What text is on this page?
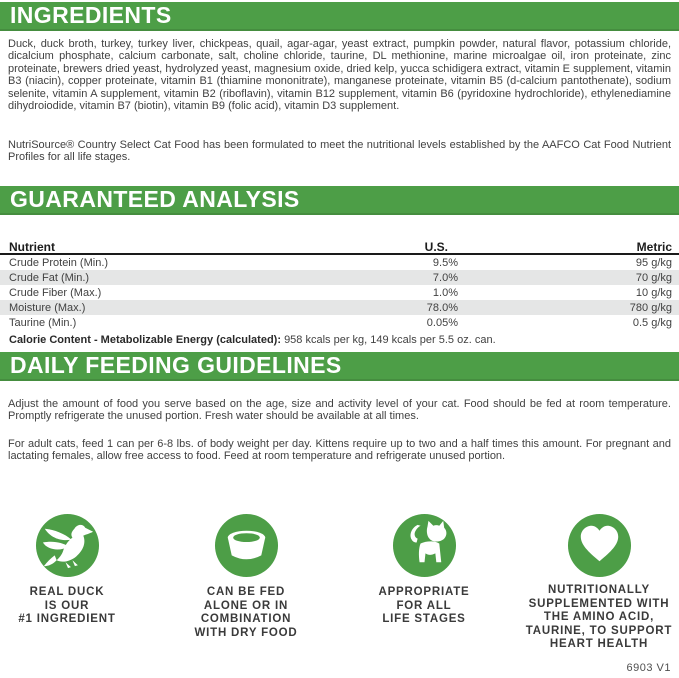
INGREDIENTS
Duck, duck broth, turkey, turkey liver, chickpeas, quail, agar-agar, yeast extract, pumpkin powder, natural flavor, potassium chloride, dicalcium phosphate, calcium carbonate, salt, choline chloride, taurine, DL methionine, marine microalgae oil, iron proteinate, zinc proteinate, brewers dried yeast, hydrolyzed yeast, magnesium oxide, dried kelp, yucca schidigera extract, vitamin E supplement, vitamin B3 (niacin), copper proteinate, vitamin B1 (thiamine mononitrate), manganese proteinate, vitamin B5 (d-calcium pantothenate), sodium selenite, vitamin A supplement, vitamin B2 (riboflavin), vitamin B12 supplement, vitamin B6 (pyridoxine hydrochloride), ethylenediamine dihydroiodide, vitamin B7 (biotin), vitamin B9 (folic acid), vitamin D3 supplement.
NutriSource® Country Select Cat Food has been formulated to meet the nutritional levels established by the AAFCO Cat Food Nutrient Profiles for all life stages.
GUARANTEED ANALYSIS
Nutrient	U.S.	Metric
Crude Protein (Min.)	9.5%	95 g/kg
Crude Fat (Min.)	7.0%	70 g/kg
Crude Fiber (Max.)	1.0%	10 g/kg
Moisture (Max.)	78.0%	780 g/kg
Taurine (Min.)	0.05%	0.5 g/kg
Calorie Content - Metabolizable Energy (calculated): 958 kcals per kg, 149 kcals per 5.5 oz. can.
DAILY FEEDING GUIDELINES
Adjust the amount of food you serve based on the age, size and activity level of your cat. Food should be fed at room temperature. Promptly refrigerate the unused portion. Fresh water should be available at all times.
For adult cats, feed 1 can per 6-8 lbs. of body weight per day. Kittens require up to two and a half times this amount. For pregnant and lactating females, allow free access to food. Feed at room temperature and refrigerate unused portion.
REAL DUCK
IS OUR
#1 INGREDIENT
CAN BE FED
ALONE OR IN
COMBINATION
WITH DRY FOOD
APPROPRIATE
FOR ALL
LIFE STAGES
NUTRITIONALLY
SUPPLEMENTED WITH
THE AMINO ACID,
TAURINE, TO SUPPORT
HEART HEALTH
6903 V1
